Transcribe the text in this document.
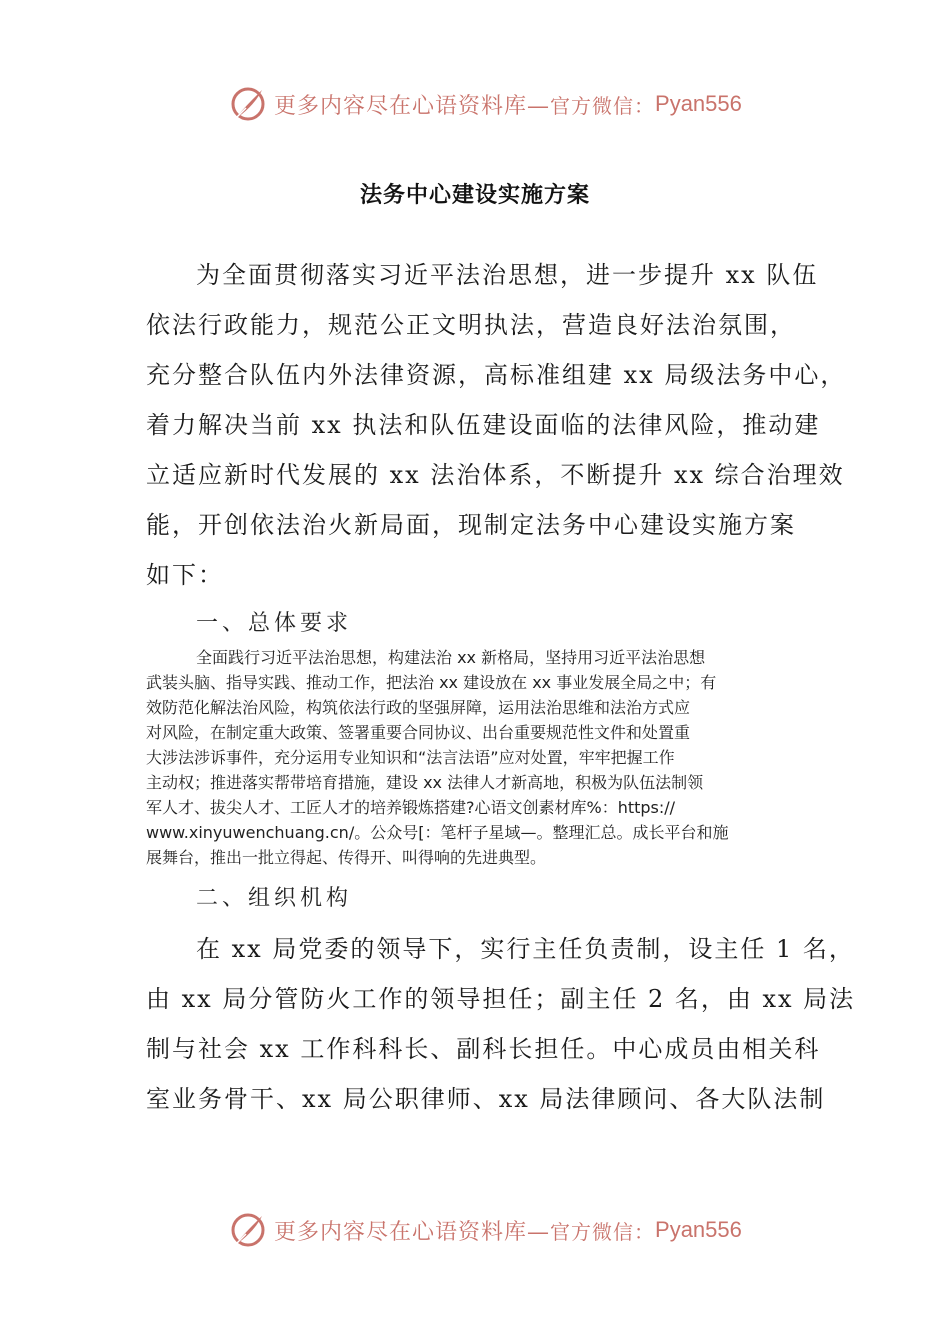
更多内容尽在心语资料库— 官方微信： Pyan556
法务中心建设实施方案
为全面贯彻落实习近平法治思想，进一步提升 xx 队伍
依法行政能力，规范公正文明执法，营造良好法治氛围，
充分整合队伍内外法律资源，高标准组建 xx 局级法务中心，
着力解决当前 xx 执法和队伍建设面临的法律风险，推动建
立适应新时代发展的 xx 法治体系，不断提升 xx 综合治理效
能，开创依法治火新局面，现制定法务中心建设实施方案
如下：
一、总体要求
全面践行习近平法治思想，构建法治 xx 新格局，坚持用习近平法治思想
武装头脑、指导实践、推动工作，把法治 xx 建设放在 xx 事业发展全局之中；有
效防范化解法治风险，构筑依法行政的坚强屏障，运用法治思维和法治方式应
对风险，在制定重大政策、签署重要合同协议、出台重要规范性文件和处置重
大涉法涉诉事件，充分运用专业知识和“法言法语”应对处置，牢牢把握工作
主动权；推进落实帮带培育措施，建设 xx 法律人才新高地，积极为队伍法制领
军人才、拔尖人才、工匠人才的培养锻炼搭建?心语文创素材库%：https://
www.xinyuwenchuang.cn/。公众号[：笔杆子星域—。整理汇总。成长平台和施
展舞台，推出一批立得起、传得开、叫得响的先进典型。
二、组织机构
在 xx 局党委的领导下，实行主任负责制，设主任 1 名，
由 xx 局分管防火工作的领导担任；副主任 2 名，由 xx 局法
制与社会 xx 工作科科长、副科长担任。中心成员由相关科
室业务骨干、xx 局公职律师、xx 局法律顾问、各大队法制
更多内容尽在心语资料库— 官方微信： Pyan556
